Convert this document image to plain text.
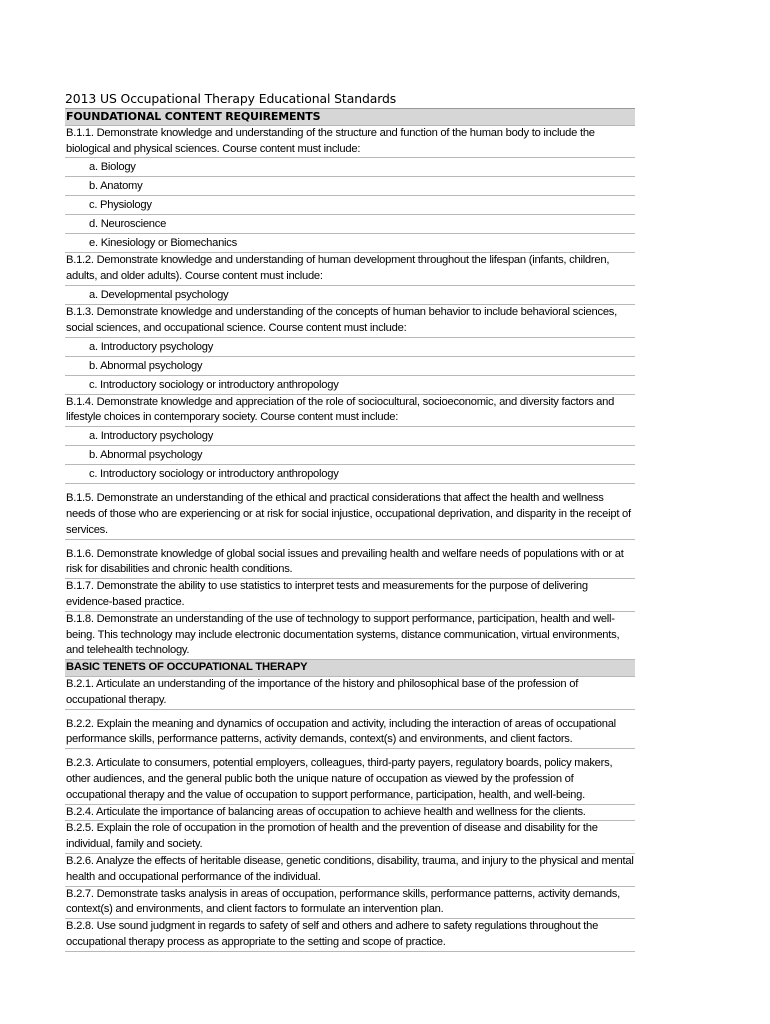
2013 US Occupational Therapy Educational Standards
FOUNDATIONAL CONTENT REQUIREMENTS
B.1.1. Demonstrate knowledge and understanding of the structure and function of the human body to include the biological and physical sciences. Course content must include:
a. Biology
b. Anatomy
c. Physiology
d. Neuroscience
e. Kinesiology or Biomechanics
B.1.2. Demonstrate knowledge and understanding of human development throughout the lifespan (infants, children, adults, and older adults). Course content must include:
a. Developmental psychology
B.1.3. Demonstrate knowledge and understanding of the concepts of human behavior to include behavioral sciences, social sciences, and occupational science. Course content must include:
a. Introductory psychology
b. Abnormal psychology
c. Introductory sociology or introductory anthropology
B.1.4. Demonstrate knowledge and appreciation of the role of sociocultural, socioeconomic, and diversity factors and lifestyle choices in contemporary society. Course content must include:
a. Introductory psychology
b. Abnormal psychology
c. Introductory sociology or introductory anthropology
B.1.5. Demonstrate an understanding of the ethical and practical considerations that affect the health and wellness needs of those who are experiencing or at risk for social injustice, occupational deprivation, and disparity in the receipt of services.
B.1.6. Demonstrate knowledge of global social issues and prevailing health and welfare needs of populations with or at risk for disabilities and chronic health conditions.
B.1.7. Demonstrate the ability to use statistics to interpret tests and measurements for the purpose of delivering evidence-based practice.
B.1.8. Demonstrate an understanding of the use of technology to support performance, participation, health and well-being. This technology may include electronic documentation systems, distance communication, virtual environments, and telehealth technology.
BASIC TENETS OF OCCUPATIONAL THERAPY
B.2.1. Articulate an understanding of the importance of the history and philosophical base of the profession of occupational therapy.
B.2.2. Explain the meaning and dynamics of occupation and activity, including the interaction of areas of occupational performance skills, performance patterns, activity demands, context(s) and environments, and client factors.
B.2.3. Articulate to consumers, potential employers, colleagues, third-party payers, regulatory boards, policy makers, other audiences, and the general public both the unique nature of occupation as viewed by the profession of occupational therapy and the value of occupation to support performance, participation, health, and well-being.
B.2.4. Articulate the importance of balancing areas of occupation to achieve health and wellness for the clients.
B.2.5. Explain the role of occupation in the promotion of health and the prevention of disease and disability for the individual, family and society.
B.2.6. Analyze the effects of heritable disease, genetic conditions, disability, trauma, and injury to the physical and mental health and occupational performance of the individual.
B.2.7. Demonstrate tasks analysis in areas of occupation, performance skills, performance patterns, activity demands, context(s) and environments, and client factors to formulate an intervention plan.
B.2.8. Use sound judgment in regards to safety of self and others and adhere to safety regulations throughout the occupational therapy process as appropriate to the setting and scope of practice.
